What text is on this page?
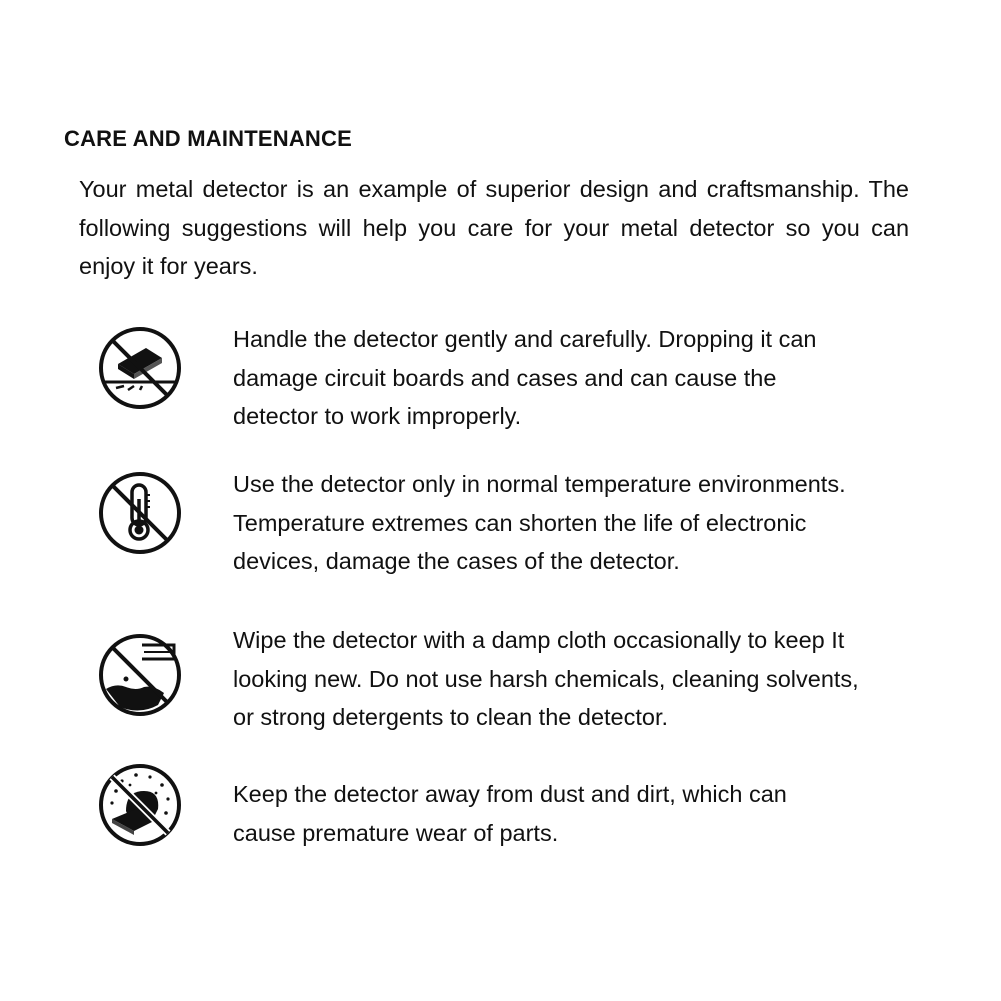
CARE AND MAINTENANCE

Your metal detector is an example of superior design and craftsmanship. The following suggestions will help you care for your metal detector so you can enjoy it for years.

Handle the detector gently and carefully. Dropping it can
damage circuit boards and cases and can cause the
detector to work improperly.

Use the detector only in normal temperature environments.
Temperature extremes can shorten the life of electronic
devices, damage the cases of the detector.

Wipe the detector with a damp cloth occasionally to keep It
looking new. Do not use harsh chemicals, cleaning solvents,
or strong detergents to clean the detector.

Keep the detector away from dust and dirt, which can
cause premature wear of parts.
